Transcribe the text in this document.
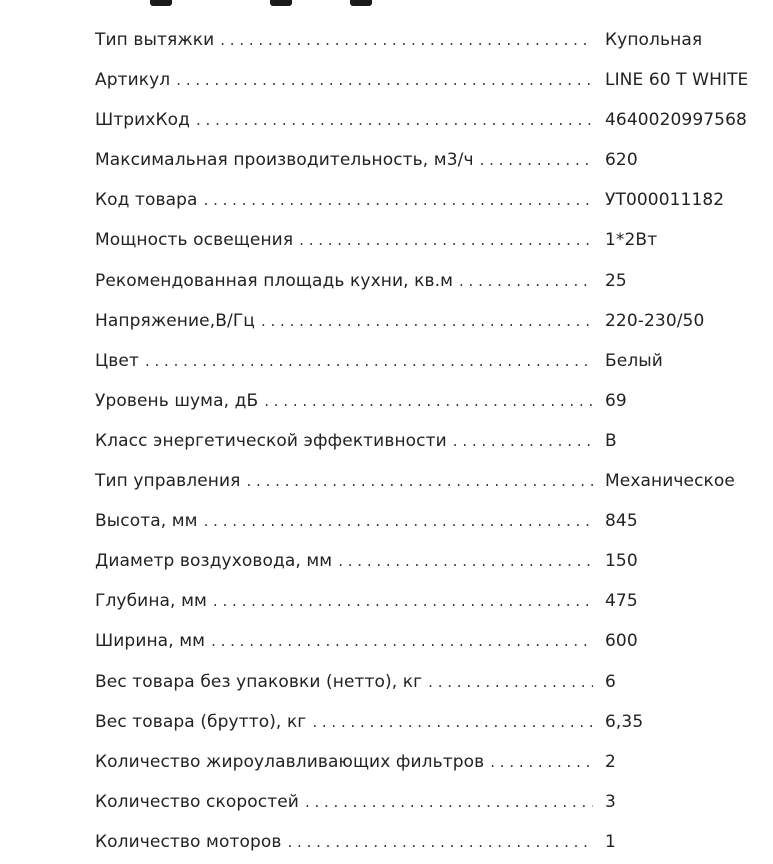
Тип вытяжки . . .	Купольная
Артикул . . .	LINE 60 T WHITE
ШтрихКод . . .	4640020997568
Максимальная производительность, м3/ч . . .	620
Код товара . . .	УТ000011182
Мощность освещения . . .	1*2Вт
Рекомендованная площадь кухни, кв.м . . .	25
Напряжение,В/Гц . . .	220-230/50
Цвет . . .	Белый
Уровень шума, дБ . . .	69
Класс энергетической эффективности . . .	B
Тип управления . . .	Механическое
Высота, мм . . .	845
Диаметр воздуховода, мм . . .	150
Глубина, мм . . .	475
Ширина, мм . . .	600
Вес товара без упаковки (нетто), кг . . .	6
Вес товара (брутто), кг . . .	6,35
Количество жироулавливающих фильтров . . .	2
Количество скоростей . . .	3
Количество моторов . . .	1
